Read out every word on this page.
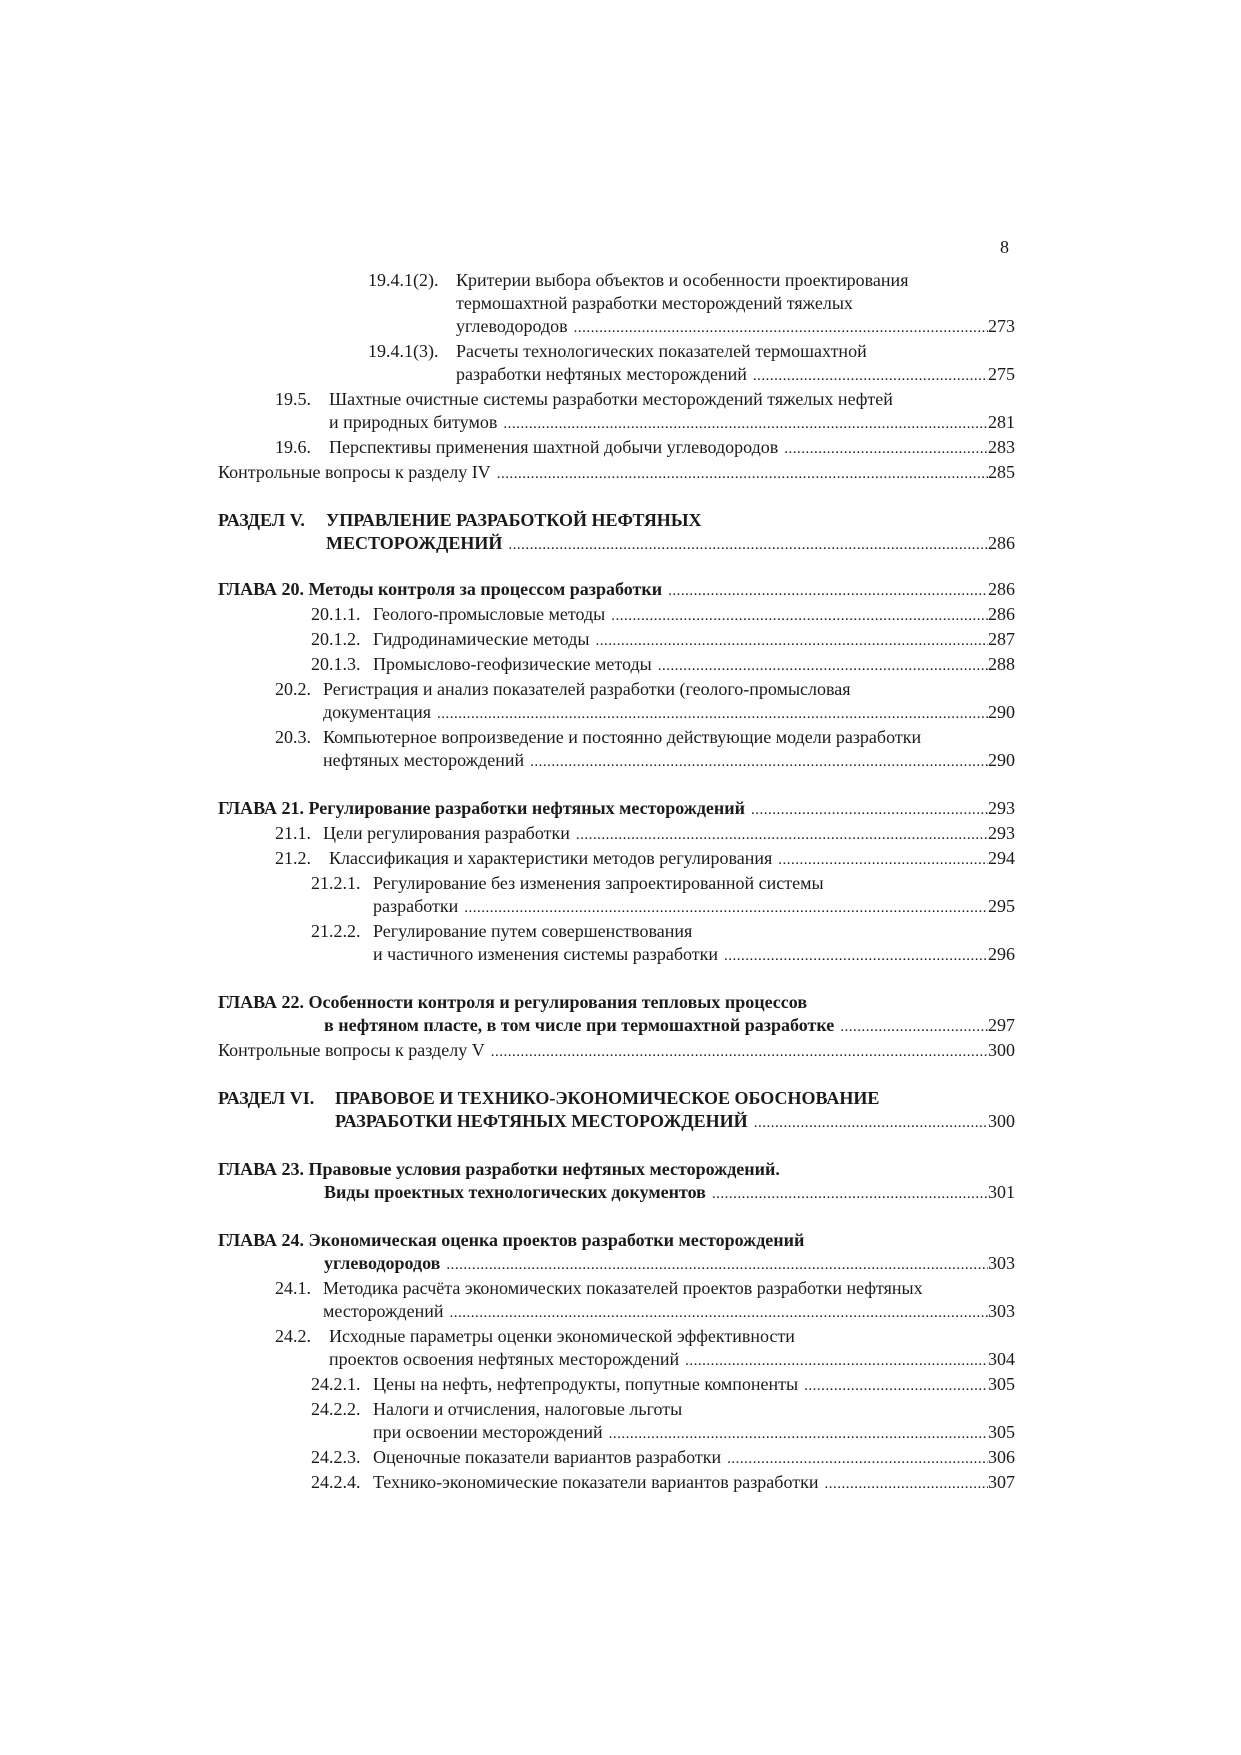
8
19.4.1(2). Критерии выбора объектов и особенности проектирования
термошахтной разработки месторождений тяжелых
углеводородов .....	273
19.4.1(3). Расчеты технологических показателей термошахтной
разработки нефтяных месторождений .....	275
19.5.	Шахтные очистные системы разработки месторождений тяжелых нефтей
и природных битумов .....	281
19.6.	Перспективы применения шахтной добычи углеводородов .....	283
Контрольные вопросы к разделу IV .....	285
РАЗДЕЛ V.	УПРАВЛЕНИЕ РАЗРАБОТКОЙ НЕФТЯНЫХ
МЕСТОРОЖДЕНИЙ .....	286
ГЛАВА 20. Методы контроля за процессом разработки .....	286
20.1.1. Геолого-промысловые методы .....	286
20.1.2. Гидродинамические методы .....	287
20.1.3. Промыслово-геофизические методы .....	288
20.2. Регистрация и анализ показателей разработки (геолого-промысловая
документация .....	290
20.3. Компьютерное вопроизведение и постоянно действующие модели разработки
нефтяных месторождений .....	290
ГЛАВА 21. Регулирование разработки нефтяных месторождений .....	293
21.1. Цели регулирования разработки .....	293
21.2.	Классификация и характеристики методов регулирования .....	294
21.2.1. Регулирование без изменения запроектированной системы
разработки .....	295
21.2.2. Регулирование путем совершенствования
и частичного изменения системы разработки .....	296
ГЛАВА 22. Особенности контроля и регулирования тепловых процессов
в нефтяном пласте, в том числе при термошахтной разработке .....	297
Контрольные вопросы к разделу V .....	300
РАЗДЕЛ VI.	ПРАВОВОЕ И ТЕХНИКО-ЭКОНОМИЧЕСКОЕ ОБОСНОВАНИЕ
РАЗРАБОТКИ НЕФТЯНЫХ МЕСТОРОЖДЕНИЙ .....	300
ГЛАВА 23. Правовые условия разработки нефтяных месторождений.
Виды проектных технологических документов .....	301
ГЛАВА 24. Экономическая оценка проектов разработки месторождений
углеводородов .....	303
24.1. Методика расчёта экономических показателей проектов разработки нефтяных
месторождений .....	303
24.2.	Исходные параметры оценки экономической эффективности
проектов освоения нефтяных месторождений .....	304
24.2.1. Цены на нефть, нефтепродукты, попутные компоненты .....	305
24.2.2. Налоги и отчисления, налоговые льготы
при освоении месторождений .....	305
24.2.3. Оценочные показатели вариантов разработки .....	306
24.2.4. Технико-экономические показатели вариантов разработки .....	307
